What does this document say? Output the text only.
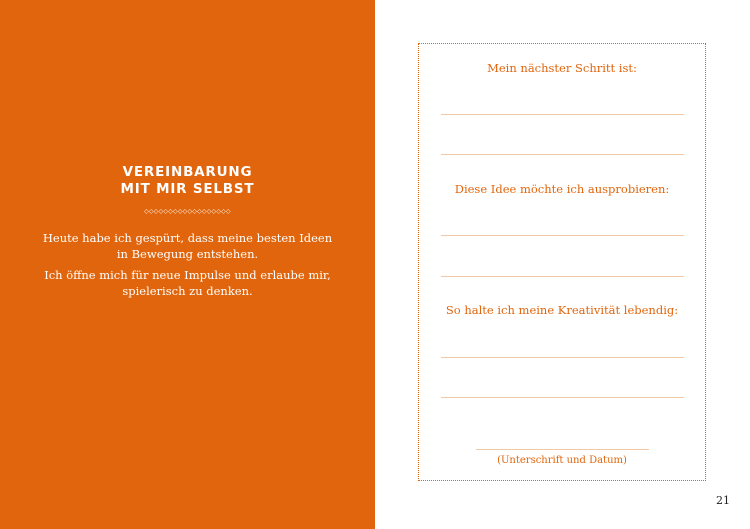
VEREINBARUNG
MIT MIR SELBST
◇◇◇◇◇◇◇◇◇◇◇◇◇◇◇◇◇◇

Heute habe ich gespürt, dass meine besten Ideen in Bewegung entstehen.

Ich öffne mich für neue Impulse und erlaube mir, spielerisch zu denken.

Mein nächster Schritt ist:
Diese Idee möchte ich ausprobieren:
So halte ich meine Kreativität lebendig:
(Unterschrift und Datum)
21
